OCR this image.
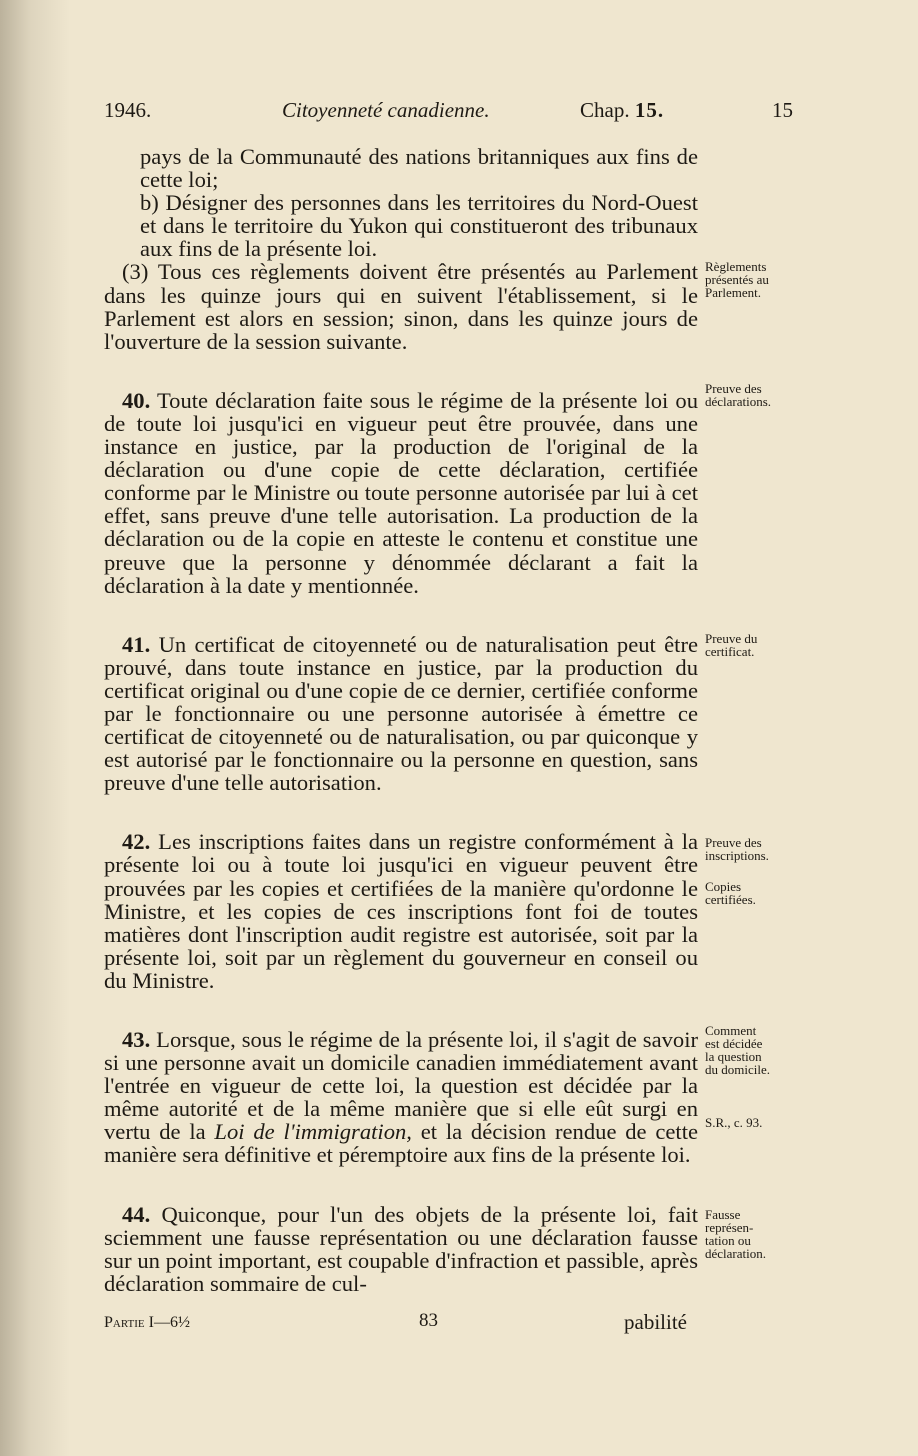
1946.	Citoyenneté canadienne.	Chap. 15.	15

pays de la Communauté des nations britanniques aux fins de cette loi;

b) Désigner des personnes dans les territoires du Nord-Ouest et dans le territoire du Yukon qui constitueront des tribunaux aux fins de la présente loi.

(3) Tous ces règlements doivent être présentés au Parlement dans les quinze jours qui en suivent l'établissement, si le Parlement est alors en session; sinon, dans les quinze jours de l'ouverture de la session suivante.

40. Toute déclaration faite sous le régime de la présente loi ou de toute loi jusqu'ici en vigueur peut être prouvée, dans une instance en justice, par la production de l'original de la déclaration ou d'une copie de cette déclaration, certifiée conforme par le Ministre ou toute personne autorisée par lui à cet effet, sans preuve d'une telle autorisation. La production de la déclaration ou de la copie en atteste le contenu et constitue une preuve que la personne y dénommée déclarant a fait la déclaration à la date y mentionnée.

41. Un certificat de citoyenneté ou de naturalisation peut être prouvé, dans toute instance en justice, par la production du certificat original ou d'une copie de ce dernier, certifiée conforme par le fonctionnaire ou une personne autorisée à émettre ce certificat de citoyenneté ou de naturalisation, ou par quiconque y est autorisé par le fonctionnaire ou la personne en question, sans preuve d'une telle autorisation.

42. Les inscriptions faites dans un registre conformément à la présente loi ou à toute loi jusqu'ici en vigueur peuvent être prouvées par les copies et certifiées de la manière qu'ordonne le Ministre, et les copies de ces inscriptions font foi de toutes matières dont l'inscription audit registre est autorisée, soit par la présente loi, soit par un règlement du gouverneur en conseil ou du Ministre.

43. Lorsque, sous le régime de la présente loi, il s'agit de savoir si une personne avait un domicile canadien immédiatement avant l'entrée en vigueur de cette loi, la question est décidée par la même autorité et de la même manière que si elle eût surgi en vertu de la Loi de l'immigration, et la décision rendue de cette manière sera définitive et péremptoire aux fins de la présente loi.

44. Quiconque, pour l'un des objets de la présente loi, fait sciemment une fausse représentation ou une déclaration fausse sur un point important, est coupable d'infraction et passible, après déclaration sommaire de cul-

Règlements
présentés au
Parlement.
Preuve des
déclarations.
Preuve du
certificat.
Preuve des
inscriptions.
Copies
certifiées.
Comment
est décidée
la question
du domicile.
S.R., c. 93.
Fausse
représen-
tation ou
déclaration.
Partie I—6½	83	pabilité
